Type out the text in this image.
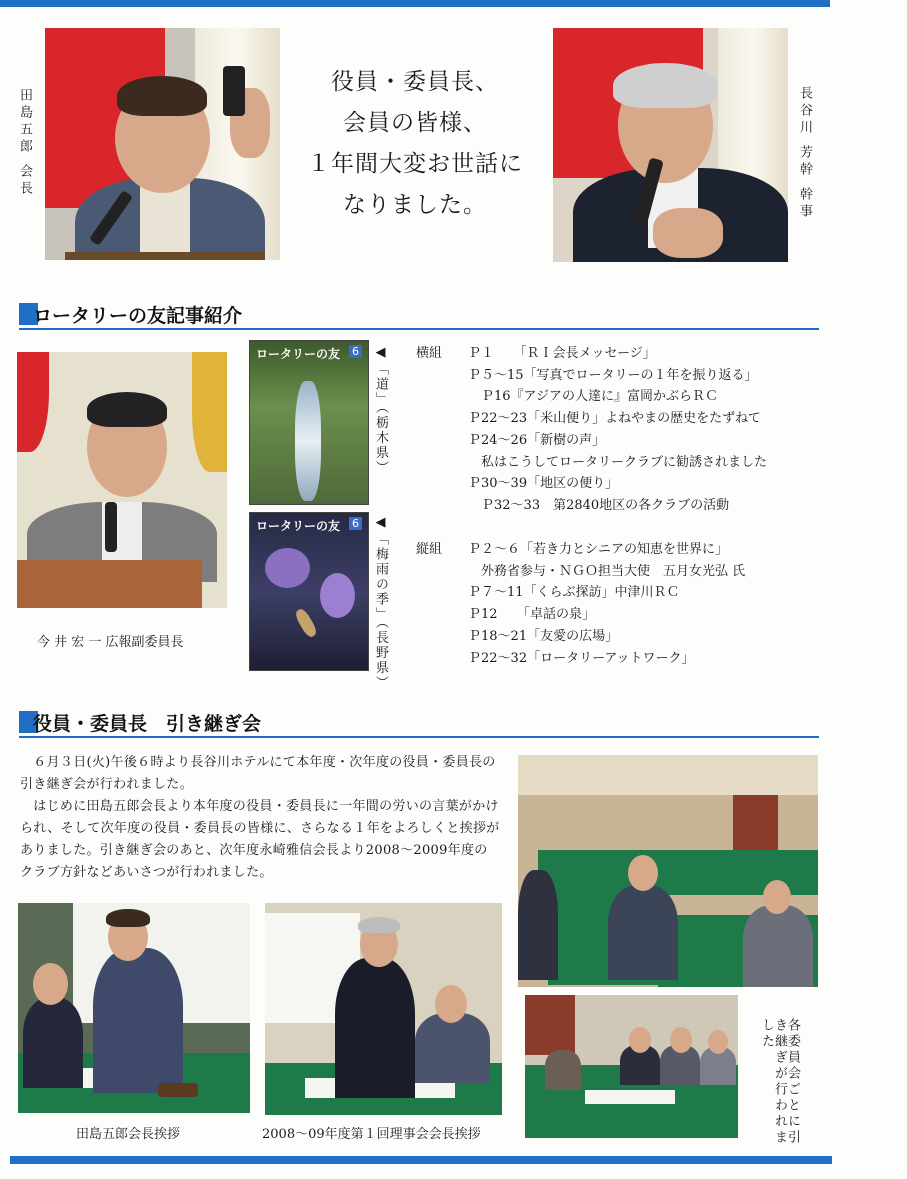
田島五郎 会長
役員・委員長、
会員の皆様、
１年間大変お世話に
なりました。	長谷川 芳幹 幹事
ロータリーの友記事紹介
今 井 宏 一 広報副委員長
ロータリーの友 6 ◀「道」（栃木県）
ロータリーの友 6 ◀「梅雨の季」（長野県）
横組 Ｐ１　　「ＲＩ会長メッセージ」
Ｐ５〜15「写真でロータリーの１年を振り返る」
　Ｐ16『アジアの人達に』富岡かぶらＲＣ
Ｐ22〜23「米山便り」よねやまの歴史をたずねて
Ｐ24〜26「新樹の声」
　私はこうしてロータリークラブに勧誘されました
Ｐ30〜39「地区の便り」
　Ｐ32〜33　第2840地区の各クラブの活動
縦組 Ｐ２〜６「若き力とシニアの知恵を世界に」
　外務省参与・ＮＧＯ担当大使　五月女光弘 氏
Ｐ７〜11「くらぶ探訪」中津川ＲＣ
Ｐ12　　「卓話の泉」
Ｐ18〜21「友愛の広場」
Ｐ22〜32「ロータリーアットワーク」
役員・委員長　引き継ぎ会
　６月３日(火)午後６時より長谷川ホテルにて本年度・次年度の役員・委員長の引き継ぎ会が行われました。
　はじめに田島五郎会長より本年度の役員・委員長に一年間の労いの言葉がかけられ、そして次年度の役員・委員長の皆様に、さらなる１年をよろしくと挨拶がありました。引き継ぎ会のあと、次年度永崎雅信会長より2008〜2009年度のクラブ方針などあいさつが行われました。
田島五郎会長挨拶	2008〜09年度第１回理事会会長挨拶	各委員会ごとに引き継ぎが行われました
